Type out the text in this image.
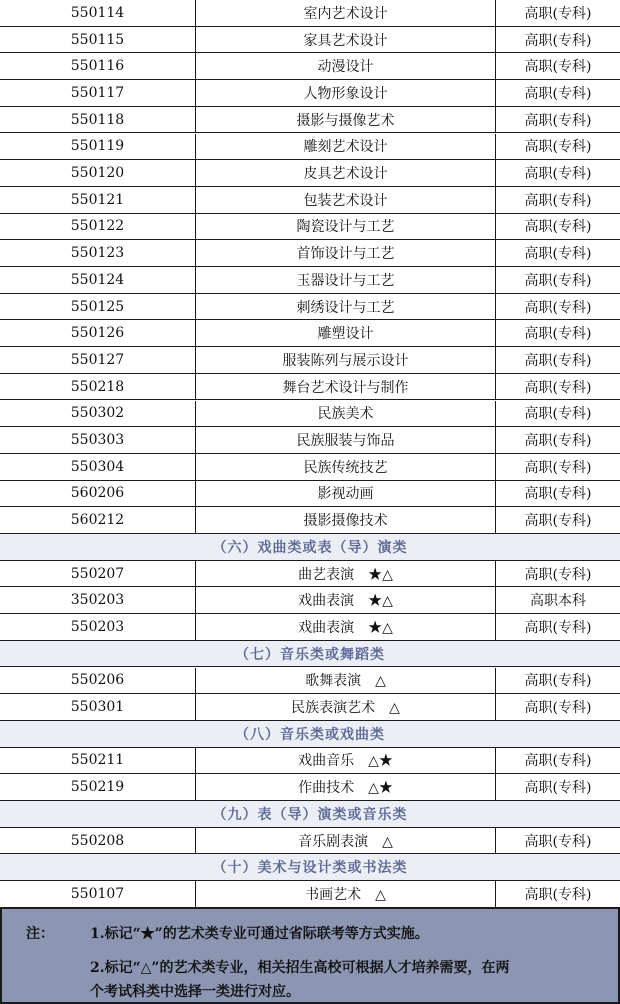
550114	室内艺术设计	高职(专科)
550115	家具艺术设计	高职(专科)
550116	动漫设计	高职(专科)
550117	人物形象设计	高职(专科)
550118	摄影与摄像艺术	高职(专科)
550119	雕刻艺术设计	高职(专科)
550120	皮具艺术设计	高职(专科)
550121	包装艺术设计	高职(专科)
550122	陶瓷设计与工艺	高职(专科)
550123	首饰设计与工艺	高职(专科)
550124	玉器设计与工艺	高职(专科)
550125	刺绣设计与工艺	高职(专科)
550126	雕塑设计	高职(专科)
550127	服装陈列与展示设计	高职(专科)
550218	舞台艺术设计与制作	高职(专科)
550302	民族美术	高职(专科)
550303	民族服装与饰品	高职(专科)
550304	民族传统技艺	高职(专科)
560206	影视动画	高职(专科)
560212	摄影摄像技术	高职(专科)
（六）戏曲类或表（导）演类
550207	曲艺表演　★△	高职(专科)
350203	戏曲表演　★△	高职本科
550203	戏曲表演　★△	高职(专科)
（七）音乐类或舞蹈类
550206	歌舞表演　△	高职(专科)
550301	民族表演艺术　△	高职(专科)
（八）音乐类或戏曲类
550211	戏曲音乐　△★	高职(专科)
550219	作曲技术　△★	高职(专科)
（九）表（导）演类或音乐类
550208	音乐剧表演　△	高职(专科)
（十）美术与设计类或书法类
550107	书画艺术　△	高职(专科)
注：	1.标记“★”的艺术类专业可通过省际联考等方式实施。
2.标记“△”的艺术类专业，相关招生高校可根据人才培养需要，在两
个考试科类中选择一类进行对应。
